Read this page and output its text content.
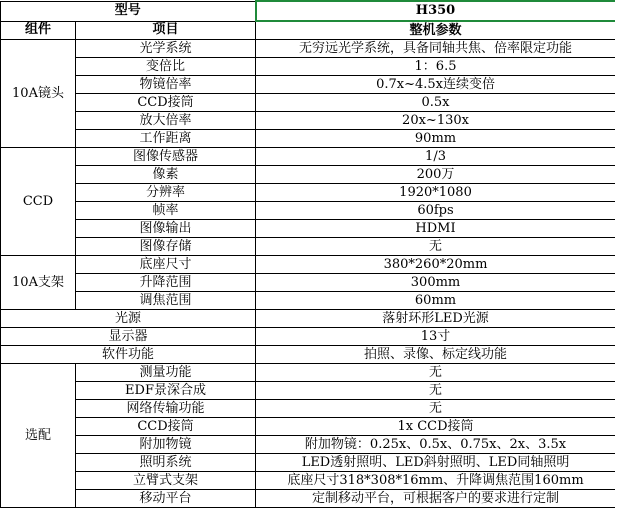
型号		H350
组件	项目	整机参数
10A镜头	光学系统	无穷远光学系统，具备同轴共焦、倍率限定功能
	变倍比	1：6.5
	物镜倍率	0.7x~4.5x连续变倍
	CCD接筒	0.5x
	放大倍率	20x~130x
	工作距离	90mm
CCD	图像传感器	1/3
	像素	200万
	分辨率	1920*1080
	帧率	60fps
	图像输出	HDMI
	图像存储	无
10A支架	底座尺寸	380*260*20mm
	升降范围	300mm
	调焦范围	60mm
光源		落射环形LED光源
显示器		13寸
软件功能		拍照、录像、标定线功能
选配	测量功能	无
	EDF景深合成	无
	网络传输功能	无
	CCD接筒	1x CCD接筒
	附加物镜	附加物镜：0.25x、0.5x、0.75x、2x、3.5x
	照明系统	LED透射照明、LED斜射照明、LED同轴照明
	立臂式支架	底座尺寸318*308*16mm、升降调焦范围160mm
	移动平台	定制移动平台，可根据客户的要求进行定制
